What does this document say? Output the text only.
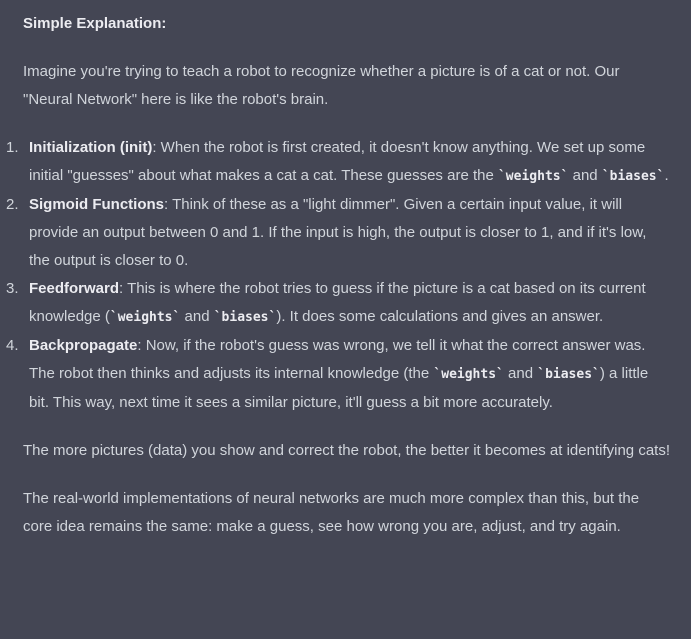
Simple Explanation:

Imagine you're trying to teach a robot to recognize whether a picture is of a cat or not. Our "Neural Network" here is like the robot's brain.

1. Initialization (init): When the robot is first created, it doesn't know anything. We set up some initial "guesses" about what makes a cat a cat. These guesses are the `weights` and `biases`.
2. Sigmoid Functions: Think of these as a "light dimmer". Given a certain input value, it will provide an output between 0 and 1. If the input is high, the output is closer to 1, and if it's low, the output is closer to 0.
3. Feedforward: This is where the robot tries to guess if the picture is a cat based on its current knowledge (`weights` and `biases`). It does some calculations and gives an answer.
4. Backpropagate: Now, if the robot's guess was wrong, we tell it what the correct answer was. The robot then thinks and adjusts its internal knowledge (the `weights` and `biases`) a little bit. This way, next time it sees a similar picture, it'll guess a bit more accurately.

The more pictures (data) you show and correct the robot, the better it becomes at identifying cats!

The real-world implementations of neural networks are much more complex than this, but the core idea remains the same: make a guess, see how wrong you are, adjust, and try again.
